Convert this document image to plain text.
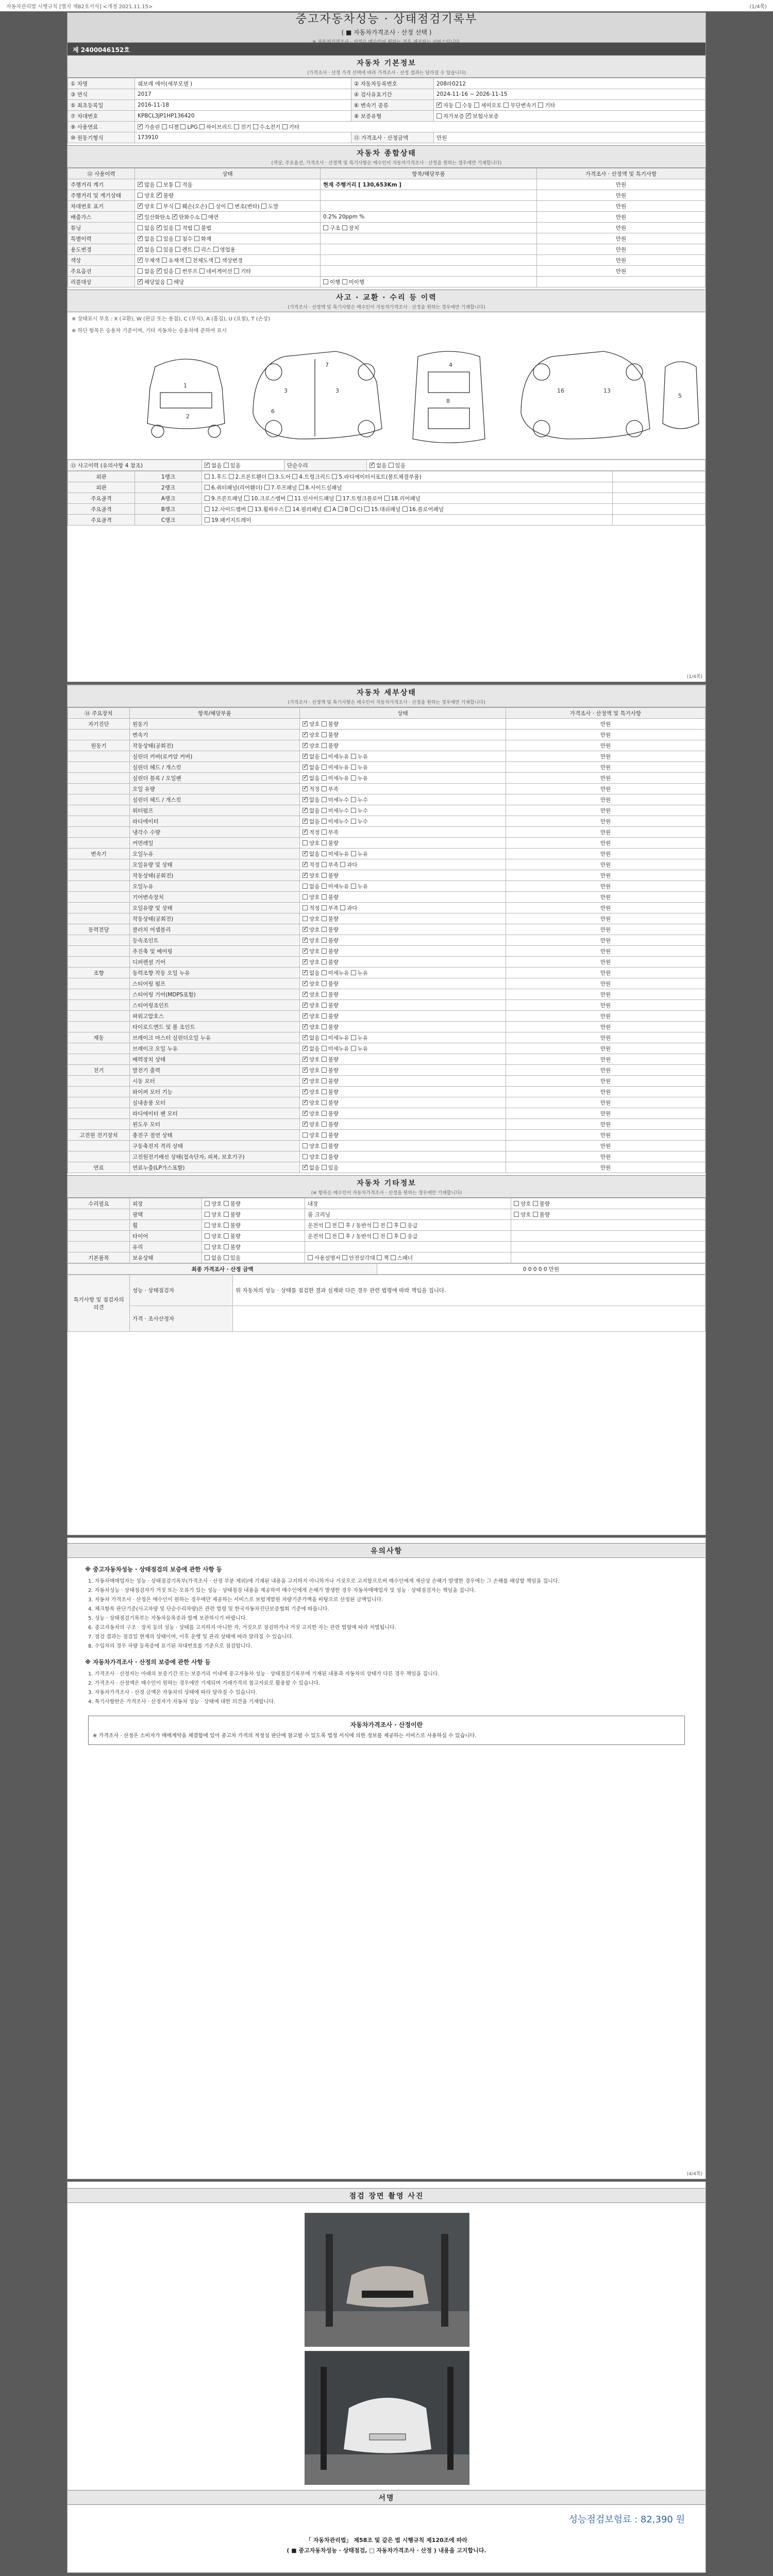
자동차관리법 시행규칙 [별지 제82호서식] <개정 2021.11.15>	(1/4쪽)
중고자동차성능 · 상태점검기록부
( ■ 자동차가격조사 · 산정 선택 )
※ 자동차가격조사 · 산정은 매수인이 원하는 경우 제공하는 서비스입니다.
제 2400046152호
자동차 기본정보
(가격조사 · 산정 가격 선택에 따라 가격조사 · 산정 결과는 달라질 수 있습니다)
① 차명	쉐보레 에이(세부모델 )	② 자동차등록번호	208라0212
③ 연식	2017	④ 검사유효기간	2024-11-16 ~ 2026-11-15
⑤ 최초등록일	2016-11-18	⑥ 변속기 종류	✓자동 수동 세미오토 무단변속기 기타
⑦ 차대번호	KPBCL3JP1HP136420	⑧ 보증유형	자가보증 ✓보험사보증
⑨ 사용연료	✓가솔린 디젤 LPG 하이브리드 전기 수소전기 기타
⑩ 원동기형식	173910	⑪ 가격조사 · 산정금액	만원
자동차 종합상태
(색상, 주요옵션, 가격조사 · 산정액 및 특기사항은 매수인이 자동차가격조사 · 산정을 원하는 경우에만 기재합니다)
⑫ 사용이력	상태	항목/해당부품	가격조사 · 산정액 및 특기사항
주행거리 계기	✓많음 보통 적음	현재 주행거리 [ 130,653Km ]	만원
주행거리 및 계기상태	양호 ✓불량		만원
차대번호 표기	✓양호 부식 훼손(오손) 상이 변조(변타) 도말		만원
배출가스	✓일산화탄소 ✓탄화수소 매연	0.2% 20ppm %	만원
튜닝	없음 ✓있음 적법 불법	구조 장치	만원
특별이력	✓없음 있음 침수 화재		만원
용도변경	✓없음 있음 렌트 리스 영업용		만원
색상	✓무채색 유채색 전체도색 색상변경		만원
주요옵션	없음 ✓있음 썬루프 네비게이션 기타		만원
리콜대상	✓해당없음 해당	이행 미이행	
사고 · 교환 · 수리 등 이력
(가격조사 · 산정액 및 특기사항은 매수인이 자동차가격조사 · 산정을 원하는 경우에만 기재합니다)
※ 상태표시 부호 : X (교환), W (판금 또는 용접), C (부식), A (흠집), U (요철), T (손상)
※ 하단 항목은 승용차 기준이며, 기타 자동차는 승용차에 준하여 표시
1
2
3	3
6
7	4
8
16	13
5
⑬ 사고이력 (유의사항 4 참조)	✓없음 있음	단순수리	✓없음 있음
외판	1랭크	1.후드 2.프론트휀더 3.도어 4.트렁크리드 5.라디에이터서포트(볼트체결부품)	
외판	2랭크	6.쿼터패널(리어휀더) 7.루프패널 8.사이드실패널	
주요골격	A랭크	9.프론트패널 10.크로스멤버 11.인사이드패널 17.트렁크플로어 18.리어패널	
주요골격	B랭크	12.사이드멤버 13.휠하우스 14.필러패널 ( A B C) 15.대쉬패널 16.플로어패널	
주요골격	C랭크	19.패키지트레이	
(1/4쪽)
자동차 세부상태
(가격조사 · 산정액 및 특기사항은 매수인이 자동차가격조사 · 산정을 원하는 경우에만 기재합니다)
⑭ 주요장치	항목/해당부품	상태	가격조사 · 산정액 및 특기사항
자기진단	원동기	✓양호 불량	만원
	변속기	✓양호 불량	만원
원동기	작동상태(공회전)	✓양호 불량	만원
	실린더 커버(로커암 커버)	✓없음 미세누유 누유	만원
	실린더 헤드 / 개스킷	✓없음 미세누유 누유	만원
	실린더 블록 / 오일팬	✓없음 미세누유 누유	만원
	오일 유량	✓적정 부족	만원
	실린더 헤드 / 개스킷	✓없음 미세누수 누수	만원
	워터펌프	✓없음 미세누수 누수	만원
	라디에이터	✓없음 미세누수 누수	만원
	냉각수 수량	✓적정 부족	만원
	커먼레일	양호 불량	만원
변속기	오일누유	✓없음 미세누유 누유	만원
	오일유량 및 상태	✓적정 부족 과다	만원
	작동상태(공회전)	✓양호 불량	만원
	오일누유	없음 미세누유 누유	만원
	기어변속장치	양호 불량	만원
	오일유량 및 상태	적정 부족 과다	만원
	작동상태(공회전)	양호 불량	만원
동력전달	클러치 어셈블리	✓양호 불량	만원
	등속조인트	✓양호 불량	만원
	추진축 및 베어링	✓양호 불량	만원
	디퍼렌셜 기어	✓양호 불량	만원
조향	동력조향 작동 오일 누유	✓없음 미세누유 누유	만원
	스티어링 펌프	✓양호 불량	만원
	스티어링 기어(MDPS포함)	✓양호 불량	만원
	스티어링조인트	✓양호 불량	만원
	파워고압호스	✓양호 불량	만원
	타이로드엔드 및 볼 조인트	✓양호 불량	만원
제동	브레이크 마스터 실린더오일 누유	✓없음 미세누유 누유	만원
	브레이크 오일 누유	✓없음 미세누유 누유	만원
	배력장치 상태	✓양호 불량	만원
전기	발전기 출력	✓양호 불량	만원
	시동 모터	✓양호 불량	만원
	와이퍼 모터 기능	✓양호 불량	만원
	실내송풍 모터	✓양호 불량	만원
	라디에이터 팬 모터	✓양호 불량	만원
	윈도우 모터	✓양호 불량	만원
고전원 전기장치	충전구 절연 상태	양호 불량	만원
	구동축전지 격리 상태	양호 불량	만원
	고전원전기배선 상태(접속단자, 피복, 보호기구)	양호 불량	만원
연료	연료누출(LP가스포함)	✓없음 있음	만원
자동차 기타정보
(※ 항목은 매수인이 자동차가격조사 · 산정을 원하는 경우에만 기재합니다)
수리필요	외장	양호 불량	내장	양호 불량
	광택	양호 불량	룸 크리닝	양호 불량
	휠	양호 불량	운전석 전 후 / 동반석 전 후 응급	
	타이어	양호 불량	운전석 전 후 / 동반석 전 후 응급	
	유리	양호 불량		
기본품목	보유상태	없음 있음	사용설명서 안전삼각대 잭 스패너	
최종 가격조사 · 산정 금액	0 0 0 0 0 만원
특기사항 및 점검자의 의견	성능 · 상태점검자	위 자동차의 성능 · 상태를 점검한 결과 실제와 다른 경우 관련 법령에 따라 책임을 집니다.
	가격 · 조사산정자	
유의사항
※ 중고자동차성능 · 상태점검의 보증에 관한 사항 등

1. 자동차매매업자는 성능 · 상태점검기록부(가격조사 · 산정 부분 제외)에 기재된 내용을 고지하지 아니하거나 거짓으로 고지함으로써 매수인에게 재산상 손해가 발생한 경우에는 그 손해를 배상할 책임을 집니다.

2. 자동차성능 · 상태점검자가 거짓 또는 오류가 있는 성능 · 상태점검 내용을 제공하여 매수인에게 손해가 발생한 경우 자동차매매업자 및 성능 · 상태점검자는 책임을 집니다.

3. 자동차 가격조사 · 산정은 매수인이 원하는 경우에만 제공하는 서비스로 보험개발원 차량기준가액을 바탕으로 산정된 금액입니다.

4. 체크항목 판단기준(사고차량 및 단순수리차량)은 관련 법령 및 한국자동차진단보증협회 기준에 따릅니다.

5. 성능 · 상태점검기록부는 자동차등록증과 함께 보관하시기 바랍니다.

6. 중고자동차의 구조 · 장치 등의 성능 · 상태를 고지하지 아니한 자, 거짓으로 점검하거나 거짓 고지한 자는 관련 법령에 따라 처벌됩니다.

7. 점검 결과는 점검일 현재의 상태이며, 이후 운행 및 관리 상태에 따라 달라질 수 있습니다.

8. 수입차의 경우 차량 등록증에 표기된 차대번호를 기준으로 점검합니다.

※ 자동차가격조사 · 산정의 보증에 관한 사항 등

1. 가격조사 · 산정자는 아래의 보증기간 또는 보증거리 이내에 중고자동차 성능 · 상태점검기록부에 기재된 내용과 자동차의 상태가 다른 경우 책임을 집니다.

2. 가격조사 · 산정액은 매수인이 원하는 경우에만 기재되며 거래가격의 참고자료로 활용할 수 있습니다.

3. 자동차가격조사 · 산정 금액은 자동차의 상태에 따라 달라질 수 있습니다.

4. 특기사항란은 가격조사 · 산정자가 자동차 성능 · 상태에 대한 의견을 기재합니다.

자동차가격조사 · 산정이란
※ 가격조사 · 산정은 소비자가 매매계약을 체결함에 있어 중고차 가격의 적정성 판단에 참고할 수 있도록 법정 서식에 의한 정보를 제공하는 서비스로 사용하실 수 있습니다.
(4/4쪽)
점검 장면 촬영 사진
서명
성능점검보험료 : 82,390 원
「 자동차관리법」 제58조 및 같은 법 시행규칙 제120조에 따라
( ■ 중고자동차성능 · 상태점검, □ 자동차가격조사 · 산정 ) 내용을 고지합니다.
